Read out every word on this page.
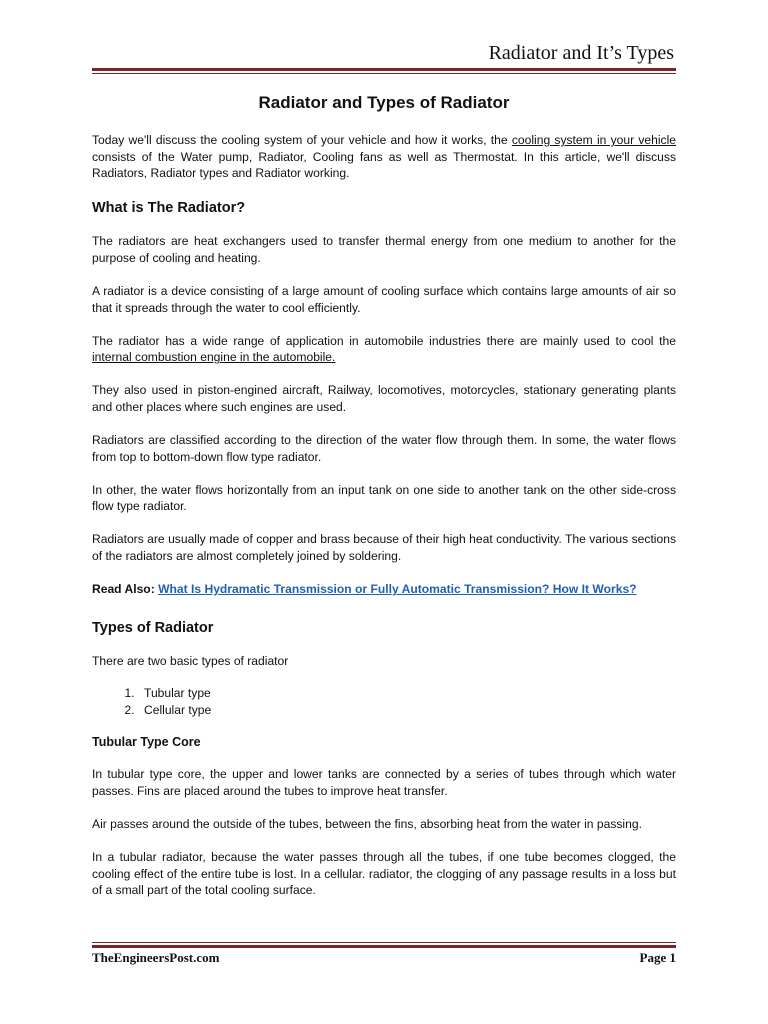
Radiator and It’s Types
Radiator and Types of Radiator

Today we'll discuss the cooling system of your vehicle and how it works, the cooling system in your vehicle consists of the Water pump, Radiator, Cooling fans as well as Thermostat. In this article, we'll discuss Radiators, Radiator types and Radiator working.

What is The Radiator?

The radiators are heat exchangers used to transfer thermal energy from one medium to another for the purpose of cooling and heating.

A radiator is a device consisting of a large amount of cooling surface which contains large amounts of air so that it spreads through the water to cool efficiently.

The radiator has a wide range of application in automobile industries there are mainly used to cool the internal combustion engine in the automobile.

They also used in piston-engined aircraft, Railway, locomotives, motorcycles, stationary generating plants and other places where such engines are used.

Radiators are classified according to the direction of the water flow through them. In some, the water flows from top to bottom-down flow type radiator.

In other, the water flows horizontally from an input tank on one side to another tank on the other side-cross flow type radiator.

Radiators are usually made of copper and brass because of their high heat conductivity. The various sections of the radiators are almost completely joined by soldering.

Read Also: What Is Hydramatic Transmission or Fully Automatic Transmission? How It Works?

Types of Radiator

There are two basic types of radiator

1. Tubular type
2. Cellular type
Tubular Type Core

In tubular type core, the upper and lower tanks are connected by a series of tubes through which water passes. Fins are placed around the tubes to improve heat transfer.

Air passes around the outside of the tubes, between the fins, absorbing heat from the water in passing.

In a tubular radiator, because the water passes through all the tubes, if one tube becomes clogged, the cooling effect of the entire tube is lost. In a cellular. radiator, the clogging of any passage results in a loss but of a small part of the total cooling surface.

TheEngineersPost.com	Page 1
